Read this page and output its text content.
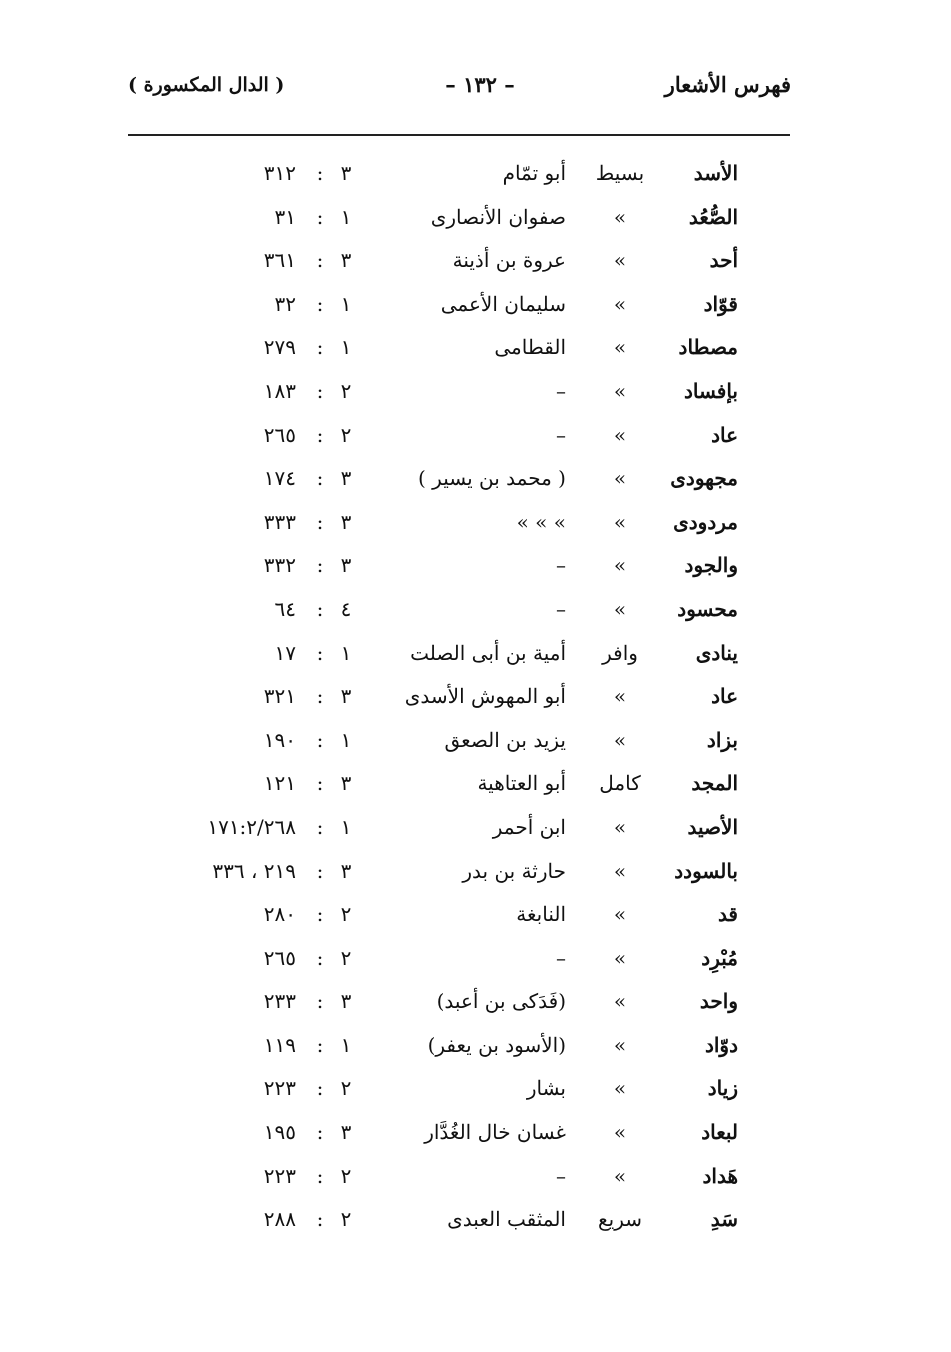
فهرس الأشعار
– ١٣٢ –
( الدال المكسورة )
الأسد
بسيط
أبو تمّام
٣
:
٣١٢
الصُّعُد
»
صفوان الأنصارى
١
:
٣١
أحد
»
عروة بن أذينة
٣
:
٣٦١
قوّاد
»
سليمان الأعمى
١
:
٣٢
مصطاد
»
القطامى
١
:
٢٧٩
بإفساد
»
–
٢
:
١٨٣
عاد
»
–
٢
:
٢٦٥
مجهودى
»
( محمد بن يسير )
٣
:
١٧٤
مردودى
»
» » »
٣
:
٣٣٣
والجود
»
–
٣
:
٣٣٢
محسود
»
–
٤
:
٦٤
ينادى
وافر
أمية بن أبى الصلت
١
:
١٧
عاد
»
أبو المهوش الأسدى
٣
:
٣٢١
بزاد
»
يزيد بن الصعق
١
:
١٩٠
المجد
كامل
أبو العتاهية
٣
:
١٢١
الأصيد
»
ابن أحمر
١
:
١٧١:٢/٢٦٨
بالسودد
»
حارثة بن بدر
٣
:
٢١٩ ، ٣٣٦
قد
»
النابغة
٢
:
٢٨٠
مُبْرِد
»
–
٢
:
٢٦٥
واحد
»
(فَدَكى بن أعبد)
٣
:
٢٣٣
دوّاد
»
(الأسود بن يعفر)
١
:
١١٩
زياد
»
بشار
٢
:
٢٢٣
لبعاد
»
غسان خال الغُدَّار
٣
:
١٩٥
هَداد
»
–
٢
:
٢٢٣
سَدِ
سريع
المثقب العبدى
٢
:
٢٨٨
